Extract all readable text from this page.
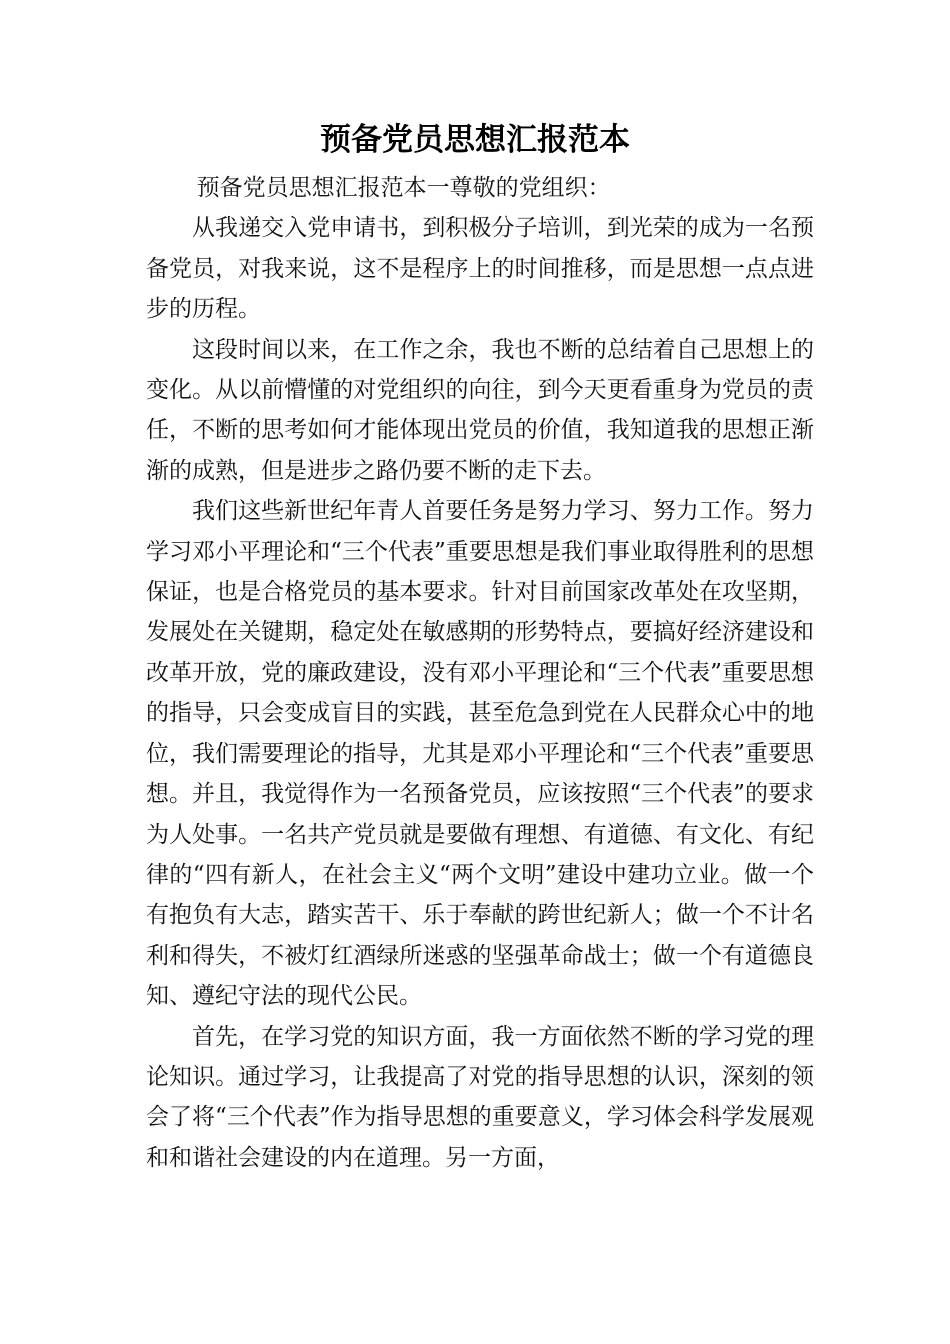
预备党员思想汇报范本

预备党员思想汇报范本一尊敬的党组织：

从我递交入党申请书，到积极分子培训，到光荣的成为一名预备党员，对我来说，这不是程序上的时间推移，而是思想一点点进步的历程。

这段时间以来，在工作之余，我也不断的总结着自己思想上的变化。从以前懵懂的对党组织的向往，到今天更看重身为党员的责任，不断的思考如何才能体现出党员的价值，我知道我的思想正渐渐的成熟，但是进步之路仍要不断的走下去。

我们这些新世纪年青人首要任务是努力学习、努力工作。努力学习邓小平理论和“三个代表”重要思想是我们事业取得胜利的思想保证，也是合格党员的基本要求。针对目前国家改革处在攻坚期，发展处在关键期，稳定处在敏感期的形势特点，要搞好经济建设和改革开放，党的廉政建设，没有邓小平理论和“三个代表”重要思想的指导，只会变成盲目的实践，甚至危急到党在人民群众心中的地位，我们需要理论的指导，尤其是邓小平理论和“三个代表”重要思想。并且，我觉得作为一名预备党员，应该按照“三个代表”的要求为人处事。一名共产党员就是要做有理想、有道德、有文化、有纪律的“四有新人，在社会主义“两个文明”建设中建功立业。做一个有抱负有大志，踏实苦干、乐于奉献的跨世纪新人；做一个不计名利和得失，不被灯红酒绿所迷惑的坚强革命战士；做一个有道德良知、遵纪守法的现代公民。

首先，在学习党的知识方面，我一方面依然不断的学习党的理论知识。通过学习，让我提高了对党的指导思想的认识，深刻的领会了将“三个代表”作为指导思想的重要意义，学习体会科学发展观和和谐社会建设的内在道理。另一方面，
